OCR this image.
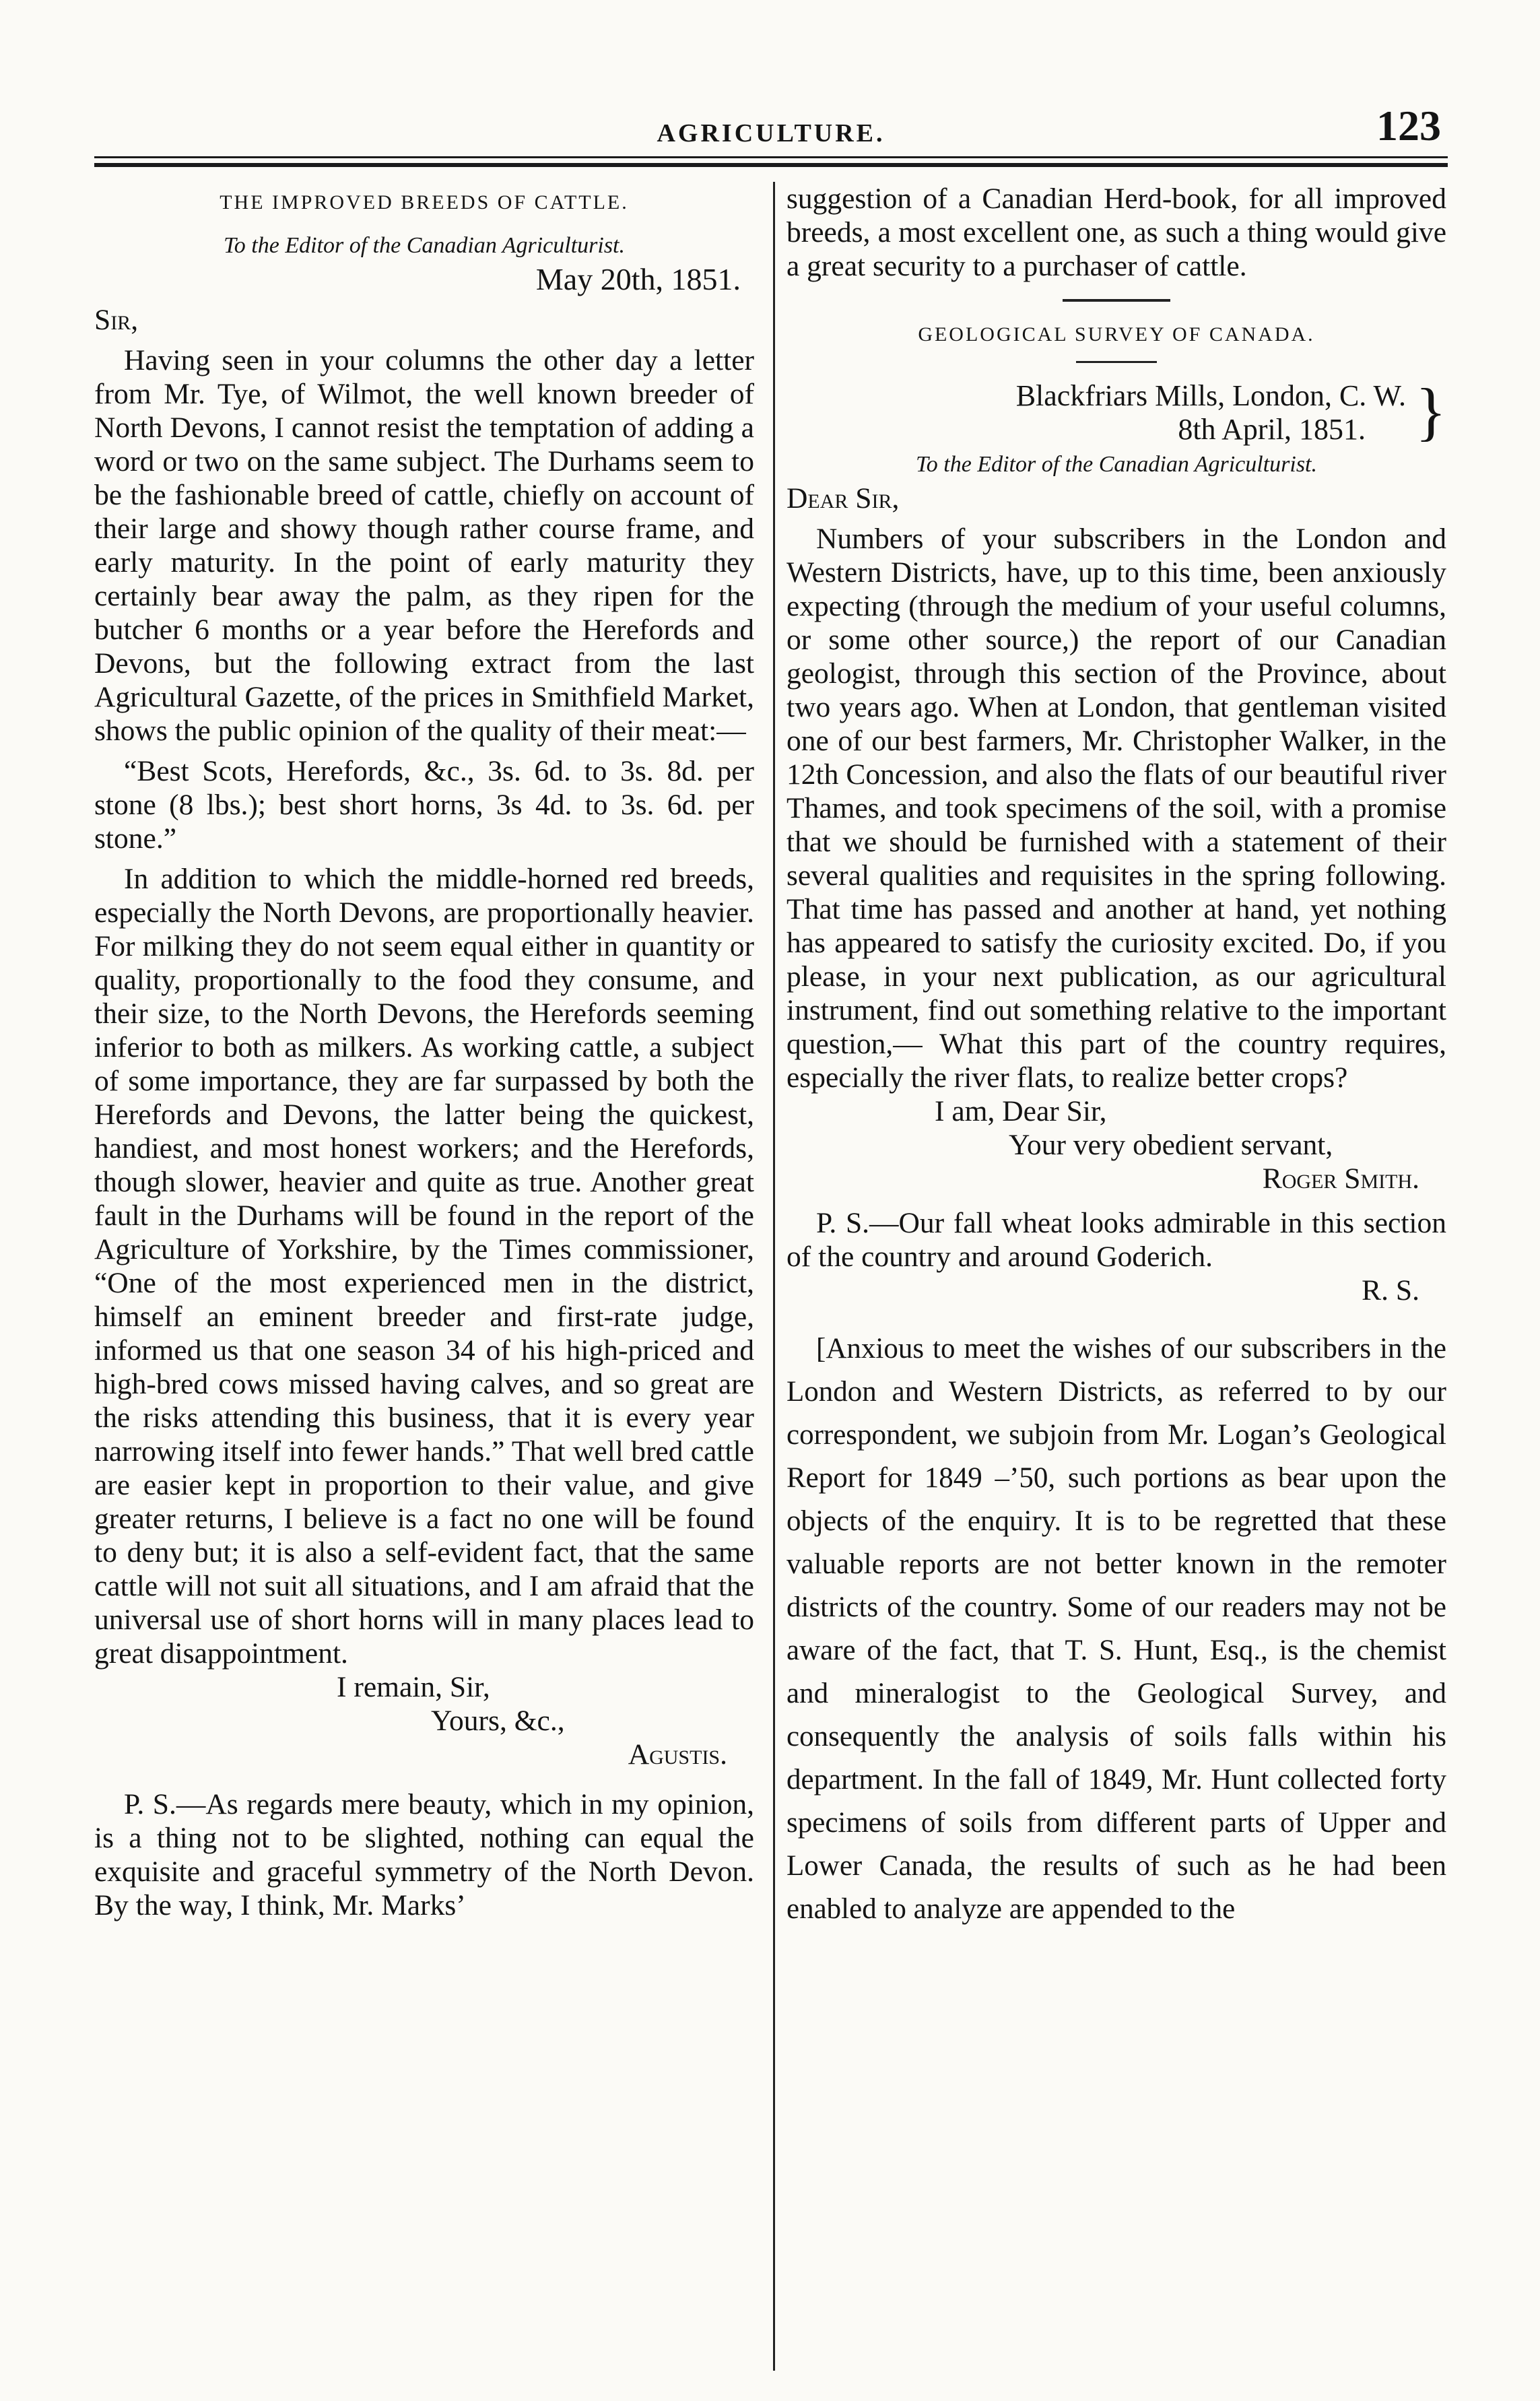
AGRICULTURE.	123
THE IMPROVED BREEDS OF CATTLE.
To the Editor of the Canadian Agriculturist.
May 20th, 1851.

Sir,

Having seen in your columns the other day a letter from Mr. Tye, of Wilmot, the well known breeder of North Devons, I cannot resist the temptation of adding a word or two on the same subject. The Durhams seem to be the fashionable breed of cattle, chiefly on account of their large and showy though rather course frame, and early maturity. In the point of early maturity they certainly bear away the palm, as they ripen for the butcher 6 months or a year before the Herefords and Devons, but the following extract from the last Agricultural Gazette, of the prices in Smithfield Market, shows the public opinion of the quality of their meat:—

“Best Scots, Herefords, &c., 3s. 6d. to 3s. 8d. per stone (8 lbs.); best short horns, 3s 4d. to 3s. 6d. per stone.”

In addition to which the middle-horned red breeds, especially the North Devons, are proportionally heavier. For milking they do not seem equal either in quantity or quality, proportionally to the food they consume, and their size, to the North Devons, the Herefords seeming inferior to both as milkers. As working cattle, a subject of some importance, they are far surpassed by both the Herefords and Devons, the latter being the quickest, handiest, and most honest workers; and the Herefords, though slower, heavier and quite as true. Another great fault in the Durhams will be found in the report of the Agriculture of Yorkshire, by the Times commissioner, “One of the most experienced men in the district, himself an eminent breeder and first-rate judge, informed us that one season 34 of his high-priced and high-bred cows missed having calves, and so great are the risks attending this business, that it is every year narrowing itself into fewer hands.” That well bred cattle are easier kept in proportion to their value, and give greater returns, I believe is a fact no one will be found to deny but; it is also a self-evident fact, that the same cattle will not suit all situations, and I am afraid that the universal use of short horns will in many places lead to great disappointment.

I remain, Sir,

Yours, &c.,

Agustis.

P. S.—As regards mere beauty, which in my opinion, is a thing not to be slighted, nothing can equal the exquisite and graceful symmetry of the North Devon. By the way, I think, Mr. Marks’

suggestion of a Canadian Herd-book, for all improved breeds, a most excellent one, as such a thing would give a great security to a purchaser of cattle.

GEOLOGICAL SURVEY OF CANADA.
Blackfriars Mills, London, C. W.
8th April, 1851. }
To the Editor of the Canadian Agriculturist.

Dear Sir,

Numbers of your subscribers in the London and Western Districts, have, up to this time, been anxiously expecting (through the medium of your useful columns, or some other source,) the report of our Canadian geologist, through this section of the Province, about two years ago. When at London, that gentleman visited one of our best farmers, Mr. Christopher Walker, in the 12th Concession, and also the flats of our beautiful river Thames, and took specimens of the soil, with a promise that we should be furnished with a statement of their several qualities and requisites in the spring following. That time has passed and another at hand, yet nothing has appeared to satisfy the curiosity excited. Do, if you please, in your next publication, as our agricultural instrument, find out something relative to the important question,— What this part of the country requires, especially the river flats, to realize better crops?

I am, Dear Sir,

Your very obedient servant,

Roger Smith.

P. S.—Our fall wheat looks admirable in this section of the country and around Goderich.

R. S.

[Anxious to meet the wishes of our subscribers in the London and Western Districts, as referred to by our correspondent, we subjoin from Mr. Logan’s Geological Report for 1849 –’50, such portions as bear upon the objects of the enquiry. It is to be regretted that these valuable reports are not better known in the remoter districts of the country. Some of our readers may not be aware of the fact, that T. S. Hunt, Esq., is the chemist and mineralogist to the Geological Survey, and consequently the analysis of soils falls within his department. In the fall of 1849, Mr. Hunt collected forty specimens of soils from different parts of Upper and Lower Canada, the results of such as he had been enabled to analyze are appended to the
